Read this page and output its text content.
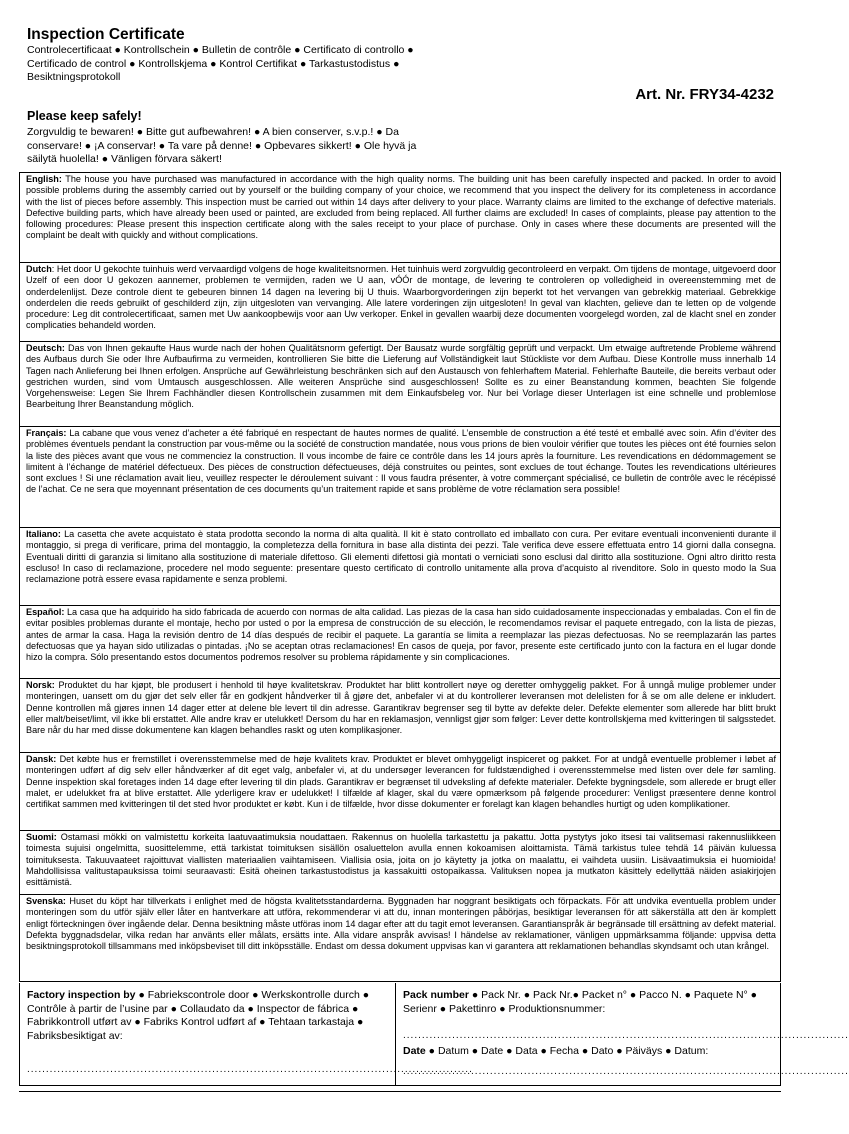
Inspection Certificate
Controlecertificaat ● Kontrollschein ● Bulletin de contrôle ● Certificato di controllo ● Certificado de control ● Kontrollskjema ● Kontrol Certifikat ● Tarkastustodistus ● Besiktningsprotokoll
Art. Nr. FRY34-4232
Please keep safely!
Zorgvuldig te bewaren! ● Bitte gut aufbewahren! ● A bien conserver, s.v.p.! ● Da conservare! ● ¡A conservar! ● Ta vare på denne! ● Opbevares sikkert! ● Ole hyvä ja säilytä huolella! ● Vänligen förvara säkert!
English: The house you have purchased was manufactured in accordance with the high quality norms. The building unit has been carefully inspected and packed. In order to avoid possible problems during the assembly carried out by yourself or the building company of your choice, we recommend that you inspect the delivery for its completeness in accordance with the list of pieces before assembly. This inspection must be carried out within 14 days after delivery to your place. Warranty claims are limited to the exchange of defective materials. Defective building parts, which have already been used or painted, are excluded from being replaced. All further claims are excluded! In cases of complaints, please pay attention to the following procedures: Please present this inspection certificate along with the sales receipt to your place of purchase. Only in cases where these documents are presented will the complaint be dealt with quickly and without complications.
Dutch: Het door U gekochte tuinhuis werd vervaardigd volgens de hoge kwaliteitsnormen. Het tuinhuis werd zorgvuldig gecontroleerd en verpakt. Om tijdens de montage, uitgevoerd door Uzelf of een door U gekozen aannemer, problemen te vermijden, raden we U aan, vÓÓr de montage, de levering te controleren op volledigheid in overeenstemming met de onderdelenlijst. Deze controle dient te gebeuren binnen 14 dagen na levering bij U thuis. Waarborgvorderingen zijn beperkt tot het vervangen van gebrekkig materiaal. Gebrekkige onderdelen die reeds gebruikt of geschilderd zijn, zijn uitgesloten van vervanging. Alle latere vorderingen zijn uitgesloten! In geval van klachten, gelieve dan te letten op de volgende procedure: Leg dit controlecertificaat, samen met Uw aankoopbewijs voor aan Uw verkoper. Enkel in gevallen waarbij deze documenten voorgelegd worden, zal de klacht snel en zonder complicaties behandeld worden.
Deutsch: Das von Ihnen gekaufte Haus wurde nach der hohen Qualitätsnorm gefertigt. Der Bausatz wurde sorgfältig geprüft und verpackt. Um etwaige auftretende Probleme während des Aufbaus durch Sie oder Ihre Aufbaufirma zu vermeiden, kontrollieren Sie bitte die Lieferung auf Vollständigkeit laut Stückliste vor dem Aufbau. Diese Kontrolle muss innerhalb 14 Tagen nach Anlieferung bei Ihnen erfolgen. Ansprüche auf Gewährleistung beschränken sich auf den Austausch von fehlerhaftem Material. Fehlerhafte Bauteile, die bereits verbaut oder gestrichen wurden, sind vom Umtausch ausgeschlossen. Alle weiteren Ansprüche sind ausgeschlossen! Sollte es zu einer Beanstandung kommen, beachten Sie folgende Vorgehensweise: Legen Sie Ihrem Fachhändler diesen Kontrollschein zusammen mit dem Einkaufsbeleg vor. Nur bei Vorlage dieser Unterlagen ist eine schnelle und problemlose Bearbeitung Ihrer Beanstandung möglich.
Français: La cabane que vous venez d’acheter a été fabriqué en respectant de hautes normes de qualité. L’ensemble de construction a été testé et emballé avec soin. Afin d’éviter des problèmes éventuels pendant la construction par vous-même ou la société de construction mandatée, nous vous prions de bien vouloir vérifier que toutes les pièces ont été fournies selon la liste des pièces avant que vous ne commenciez la construction. Il vous incombe de faire ce contrôle dans les 14 jours après la fourniture. Les revendications en dédommagement se limitent à l’échange de matériel défectueux. Des pièces de construction défectueuses, déjà construites ou peintes, sont exclues de tout échange. Toutes les revendications ultérieures sont exclues ! Si une réclamation avait lieu, veuillez respecter le déroulement suivant : Il vous faudra présenter, à votre commerçant spécialisé, ce bulletin de contrôle avec le récépissé de l’achat. Ce ne sera que moyennant présentation de ces documents qu’un traitement rapide et sans problème de votre réclamation sera possible!
Italiano: La casetta che avete acquistato è stata prodotta secondo la norma di alta qualità. Il kit è stato controllato ed imballato con cura. Per evitare eventuali inconvenienti durante il montaggio, si prega di verificare, prima del montaggio, la completezza della fornitura in base alla distinta dei pezzi. Tale verifica deve essere effettuata entro 14 giorni dalla consegna. Eventuali diritti di garanzia si limitano alla sostituzione di materiale difettoso. Gli elementi difettosi già montati o verniciati sono esclusi dal diritto alla sostituzione. Ogni altro diritto resta escluso! In caso di reclamazione, procedere nel modo seguente: presentare questo certificato di controllo unitamente alla prova d’acquisto al rivenditore. Solo in questo modo la Sua reclamazione potrà essere evasa rapidamente e senza problemi.
Español: La casa que ha adquirido ha sido fabricada de acuerdo con normas de alta calidad. Las piezas de la casa han sido cuidadosamente inspeccionadas y embaladas. Con el fin de evitar posibles problemas durante el montaje, hecho por usted o por la empresa de construcción de su elección, le recomendamos revisar el paquete entregado, con la lista de piezas, antes de armar la casa. Haga la revisión dentro de 14 días después de recibir el paquete. La garantía se limita a reemplazar las piezas defectuosas. No se reemplazarán las partes defectuosas que ya hayan sido utilizadas o pintadas. ¡No se aceptan otras reclamaciones! En casos de queja, por favor, presente este certificado junto con la factura en el lugar donde hizo la compra. Sólo presentando estos documentos podremos resolver su problema rápidamente y sin complicaciones.
Norsk: Produktet du har kjøpt, ble produsert i henhold til høye kvalitetskrav. Produktet har blitt kontrollert nøye og deretter omhyggelig pakket. For å unngå mulige problemer under monteringen, uansett om du gjør det selv eller får en godkjent håndverker til å gjøre det, anbefaler vi at du kontrollerer leveransen mot delelisten for å se om alle delene er inkludert. Denne kontrollen må gjøres innen 14 dager etter at delene ble levert til din adresse. Garantikrav begrenser seg til bytte av defekte deler. Defekte elementer som allerede har blitt brukt eller malt/beiset/limt, vil ikke bli erstattet. Alle andre krav er utelukket! Dersom du har en reklamasjon, vennligst gjør som følger: Lever dette kontrollskjema med kvitteringen til salgsstedet. Bare når du har med disse dokumentene kan klagen behandles raskt og uten komplikasjoner.
Dansk: Det købte hus er fremstillet i overensstemmelse med de høje kvalitets krav. Produktet er blevet omhyggeligt inspiceret og pakket. For at undgå eventuelle problemer i løbet af monteringen udført af dig selv eller håndværker af dit eget valg, anbefaler vi, at du undersøger leverancen for fuldstændighed i overensstemmelse med listen over dele før samling. Denne inspektion skal foretages inden 14 dage efter levering til din plads. Garantikrav er begrænset til udveksling af defekte materialer. Defekte bygningsdele, som allerede er brugt eller malet, er udelukket fra at blive erstattet. Alle yderligere krav er udelukket! I tilfælde af klager, skal du være opmærksom på følgende procedurer: Venligst præsentere denne kontrol certifikat sammen med kvitteringen til det sted hvor produktet er købt. Kun i de tilfælde, hvor disse dokumenter er forelagt kan klagen behandles hurtigt og uden komplikationer.
Suomi: Ostamasi mökki on valmistettu korkeita laatuvaatimuksia noudattaen. Rakennus on huolella tarkastettu ja pakattu. Jotta pystytys joko itsesi tai valitsemasi rakennusliikkeen toimesta sujuisi ongelmitta, suosittelemme, että tarkistat toimituksen sisällön osaluettelon avulla ennen kokoamisen aloittamista. Tämä tarkistus tulee tehdä 14 päivän kuluessa toimituksesta. Takuuvaateet rajoittuvat viallisten materiaalien vaihtamiseen. Viallisia osia, joita on jo käytetty ja jotka on maalattu, ei vaihdeta uusiin. Lisävaatimuksia ei huomioida! Mahdollisissa valitustapauksissa toimi seuraavasti: Esitä oheinen tarkastustodistus ja kassakuitti ostopaikassa. Valituksen nopea ja mutkaton käsittely edellyttää näiden asiakirjojen esittämistä.
Svenska: Huset du köpt har tillverkats i enlighet med de högsta kvalitetsstandarderna. Byggnaden har noggrant besiktigats och förpackats. För att undvika eventuella problem under monteringen som du utför själv eller låter en hantverkare att utföra, rekommenderar vi att du, innan monteringen påbörjas, besiktigar leveransen för att säkerställa att den är komplett enligt förteckningen över ingående delar. Denna besiktning måste utföras inom 14 dagar efter att du tagit emot leveransen. Garantianspråk är begränsade till ersättning av defekt material. Defekta byggnadsdelar, vilka redan har använts eller målats, ersätts inte. Alla vidare anspråk avvisas! I händelse av reklamationer, vänligen uppmärksamma följande: uppvisa detta besiktningsprotokoll tillsammans med inköpsbeviset till ditt inköpsställe. Endast om dessa dokument uppvisas kan vi garantera att reklamationen behandlas skyndsamt och utan krångel.
Factory inspection by ● Fabriekscontrole door ● Werkskontrolle durch ● Contrôle à partir de l’usine par ● Collaudato da ● Inspector de fábrica ● Fabrikkontroll utført av ● Fabriks Kontrol udført af ● Tehtaan tarkastaja ● Fabriksbesiktigat av:
......................................................................................................................
Pack number ● Pack Nr. ● Pack Nr.● Packet n° ● Pacco N. ● Paquete N° ● Serienr ● Pakettinro ● Produktionsnummer:
......................................................................................................................
Date ● Datum ● Date ● Data ● Fecha ● Dato ● Päiväys ● Datum:
......................................................................................................................
